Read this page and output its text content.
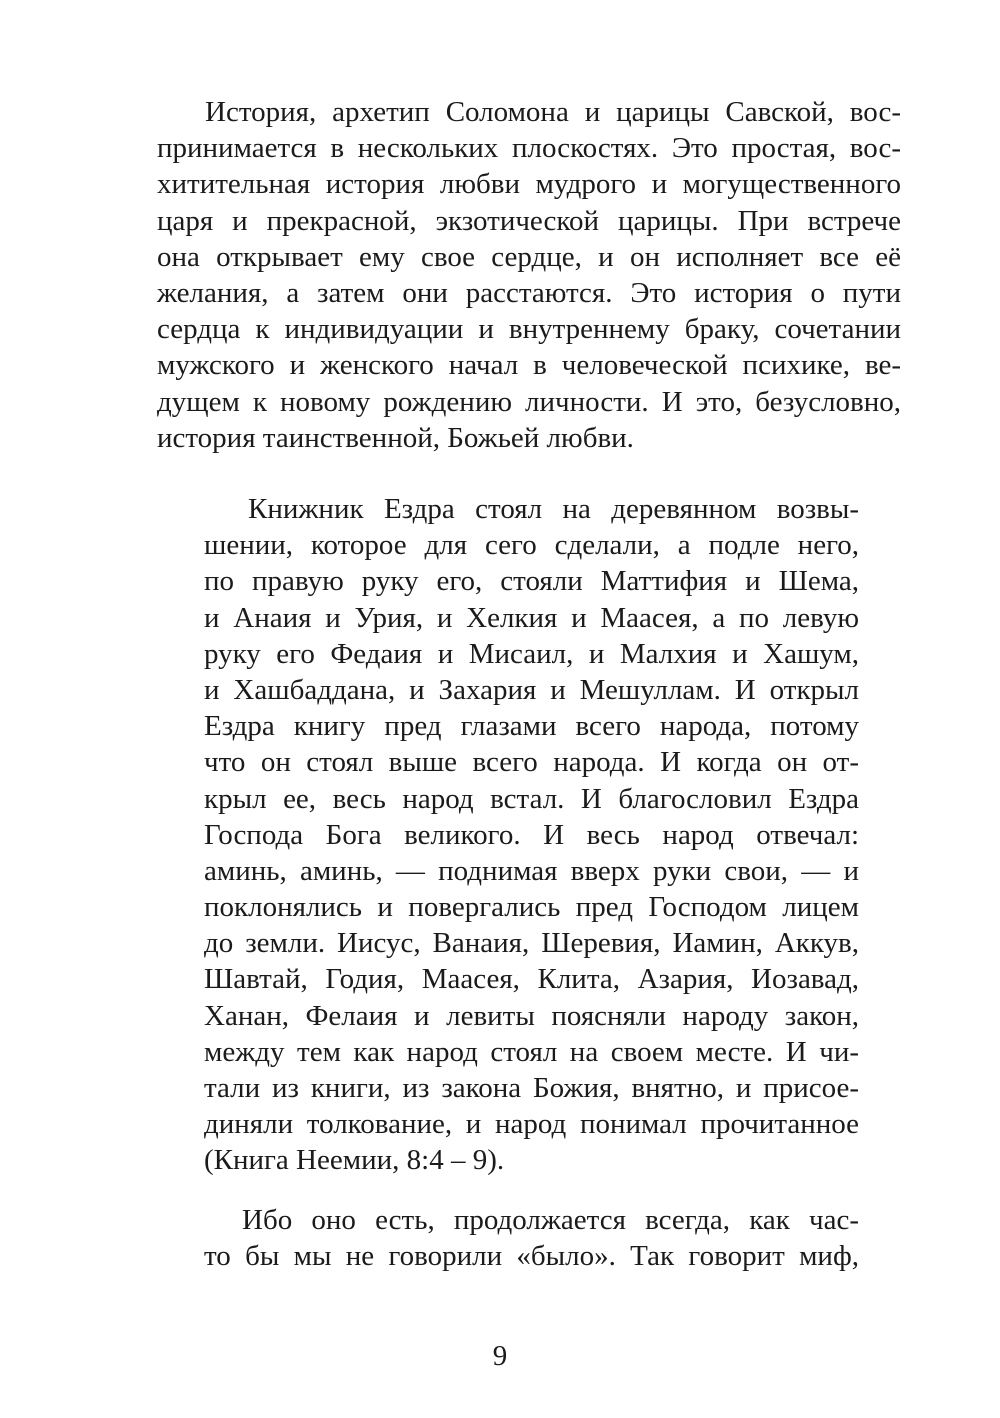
История, архетип Соломона и царицы Савской, вос-
принимается в нескольких плоскостях. Это простая, вос-
хитительная история любви мудрого и могущественного
царя и прекрасной, экзотической царицы. При встрече
она открывает ему свое сердце, и он исполняет все её
желания, а затем они расстаются. Это история о пути
сердца к индивидуации и внутреннему браку, сочетании
мужского и женского начал в человеческой психике, ве-
дущем к новому рождению личности. И это, безусловно,
история таинственной, Божьей любви.
Книжник Ездра стоял на деревянном возвы-
шении, которое для сего сделали, а подле него,
по правую руку его, стояли Маттифия и Шема,
и Анаия и Урия, и Хелкия и Маасея, а по левую
руку его Федаия и Мисаил, и Малхия и Хашум,
и Хашбаддана, и Захария и Мешуллам. И открыл
Ездра книгу пред глазами всего народа, потому
что он стоял выше всего народа. И когда он от-
крыл ее, весь народ встал. И благословил Ездра
Господа Бога великого. И весь народ отвечал:
аминь, аминь, — поднимая вверх руки свои, — и
поклонялись и повергались пред Господом лицем
до земли. Иисус, Ванаия, Шеревия, Иамин, Аккув,
Шавтай, Годия, Маасея, Клита, Азария, Иозавад,
Ханан, Фелаия и левиты поясняли народу закон,
между тем как народ стоял на своем месте. И чи-
тали из книги, из закона Божия, внятно, и присое-
диняли толкование, и народ понимал прочитанное
(Книга Неемии, 8:4 – 9).
Ибо оно есть, продолжается всегда, как час-
то бы мы не говорили «было». Так говорит миф,
9
